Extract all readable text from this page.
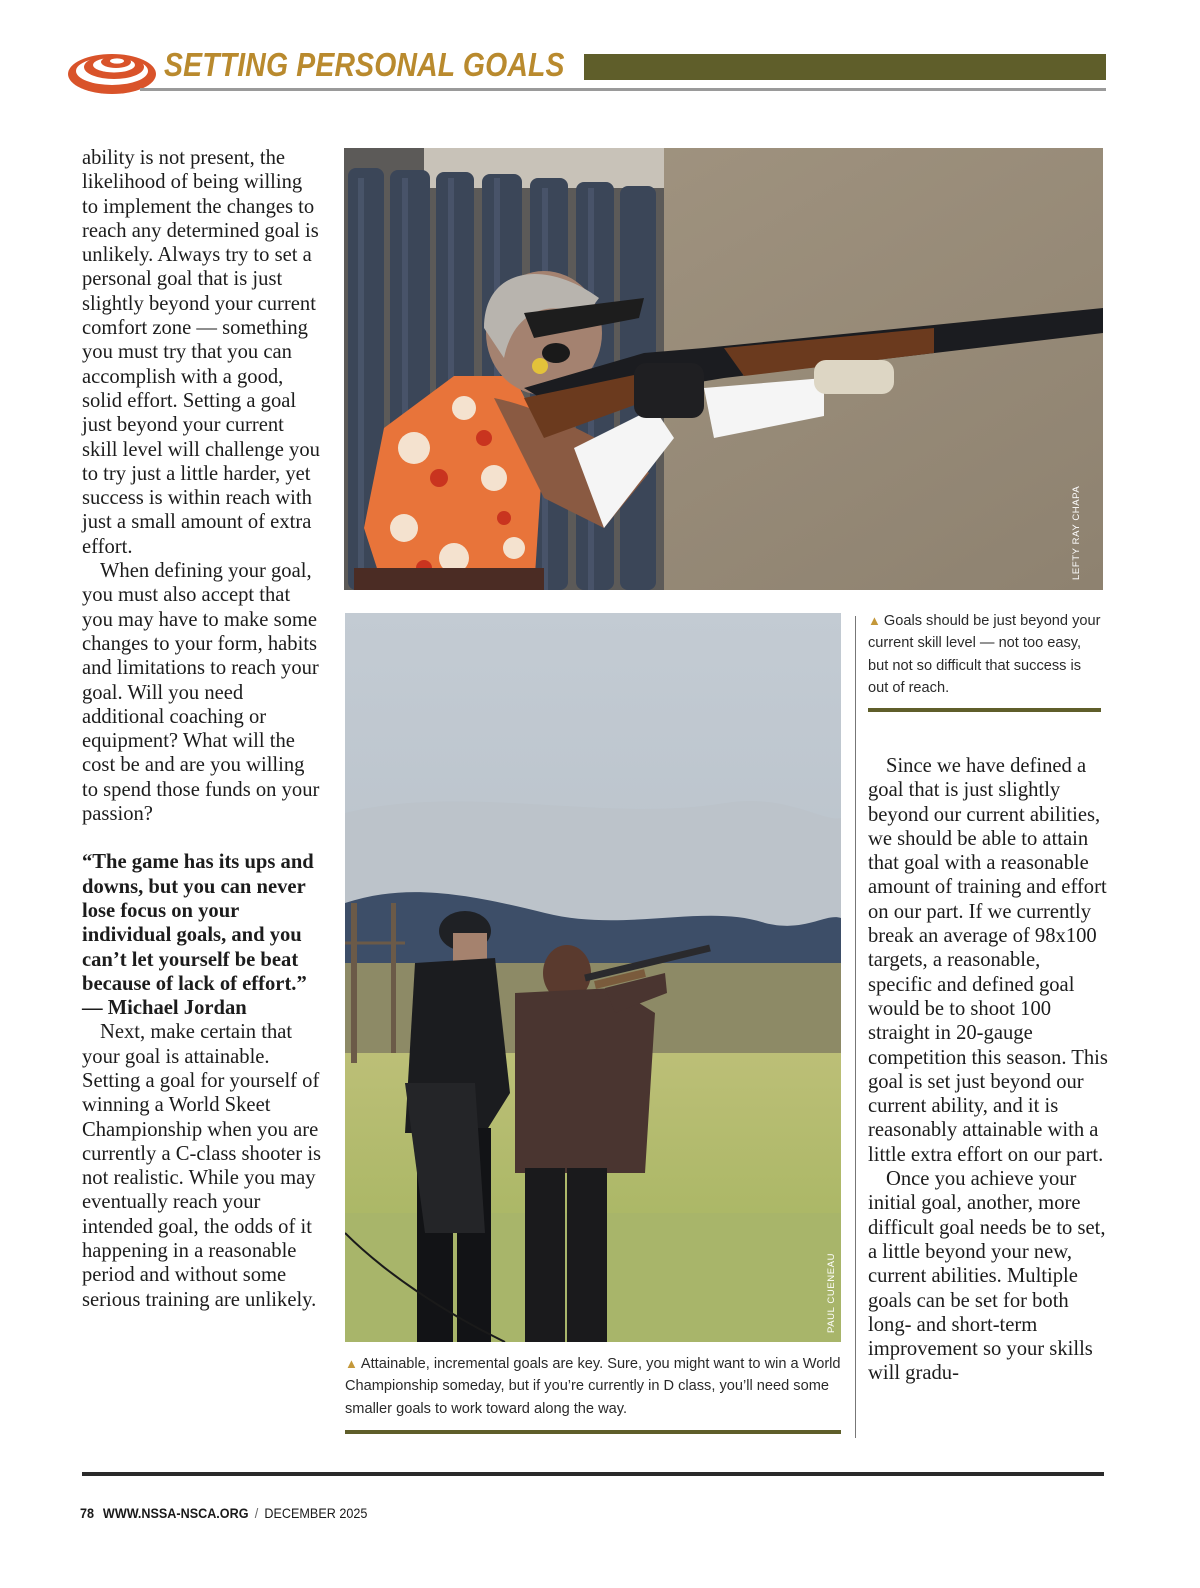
SETTING PERSONAL GOALS

ability is not present, the likelihood of being willing to implement the changes to reach any determined goal is unlikely. Always try to set a personal goal that is just slightly beyond your current comfort zone — something you must try that you can accomplish with a good, solid effort. Setting a goal just beyond your current skill level will challenge you to try just a little harder, yet success is within reach with just a small amount of extra effort.

When defining your goal, you must also accept that you may have to make some changes to your form, habits and limitations to reach your goal. Will you need additional coaching or equipment? What will the cost be and are you willing to spend those funds on your passion?

“The game has its ups and downs, but you can never lose focus on your individual goals, and you can’t let yourself be beat because of lack of effort.” — Michael Jordan

Next, make certain that your goal is attainable. Setting a goal for yourself of winning a World Skeet Championship when you are currently a C-class shooter is not realistic. While you may eventually reach your intended goal, the odds of it happening in a reasonable period and without some serious training are unlikely.

LEFTY RAY CHAPA
▲ Goals should be just beyond your current skill level — not too easy, but not so difficult that success is out of reach.
PAUL CUENEAU
▲ Attainable, incremental goals are key. Sure, you might want to win a World Championship someday, but if you’re currently in D class, you’ll need some smaller goals to work toward along the way.

Since we have defined a goal that is just slightly beyond our current abilities, we should be able to attain that goal with a reasonable amount of training and effort on our part. If we currently break an average of 98x100 targets, a reasonable, specific and defined goal would be to shoot 100 straight in 20-gauge competition this season. This goal is set just beyond our current ability, and it is reasonably attainable with a little extra effort on our part.

Once you achieve your initial goal, another, more difficult goal needs be to set, a little beyond your new, current abilities. Multiple goals can be set for both long- and short-term improvement so your skills will gradu-

78 WWW.NSSA-NSCA.ORG / DECEMBER 2025
